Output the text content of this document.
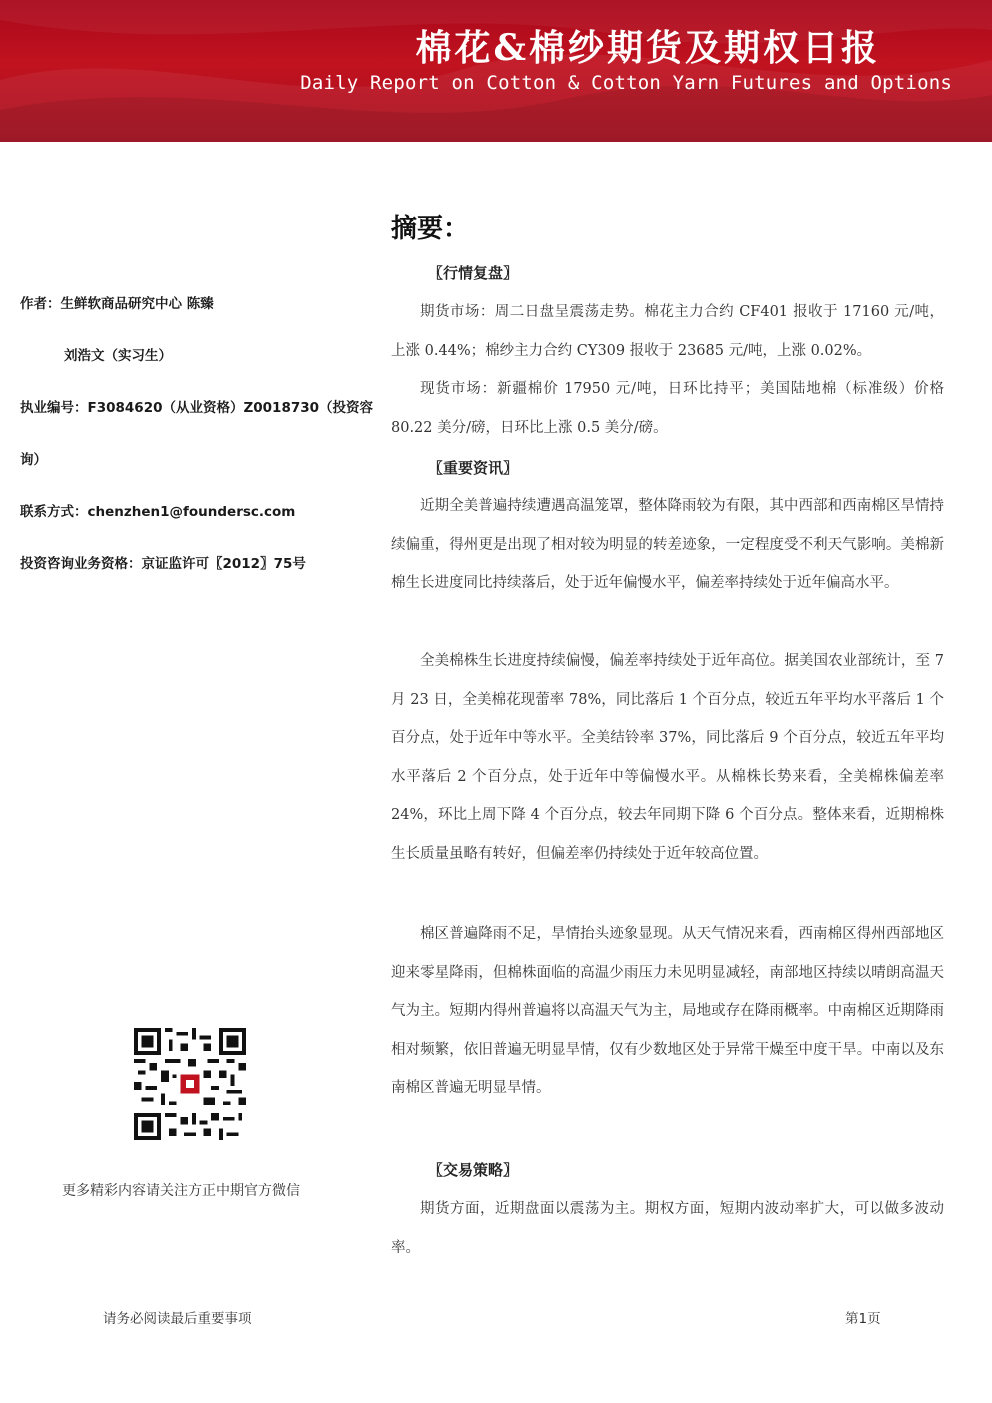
棉花&棉纱期货及期权日报
Daily Report on Cotton & Cotton Yarn Futures and Options
作者：生鲜软商品研究中心 陈臻
刘浩文（实习生）
执业编号：F3084620（从业资格）Z0018730（投资容
询）
联系方式：chenzhen1@foundersc.com
投资咨询业务资格：京证监许可〖2012〗75号
更多精彩内容请关注方正中期官方微信
摘要：
〖行情复盘〗
期货市场：周二日盘呈震荡走势。棉花主力合约 CF401 报收于 17160 元/吨，上涨 0.44%；棉纱主力合约 CY309 报收于 23685 元/吨，上涨 0.02%。
现货市场：新疆棉价 17950 元/吨，日环比持平；美国陆地棉（标准级）价格 80.22 美分/磅，日环比上涨 0.5 美分/磅。
〖重要资讯〗
近期全美普遍持续遭遇高温笼罩，整体降雨较为有限，其中西部和西南棉区旱情持续偏重，得州更是出现了相对较为明显的转差迹象，一定程度受不利天气影响。美棉新棉生长进度同比持续落后，处于近年偏慢水平，偏差率持续处于近年偏高水平。
全美棉株生长进度持续偏慢，偏差率持续处于近年高位。据美国农业部统计，至 7 月 23 日，全美棉花现蕾率 78%，同比落后 1 个百分点，较近五年平均水平落后 1 个百分点，处于近年中等水平。全美结铃率 37%，同比落后 9 个百分点，较近五年平均水平落后 2 个百分点，处于近年中等偏慢水平。从棉株长势来看，全美棉株偏差率 24%，环比上周下降 4 个百分点，较去年同期下降 6 个百分点。整体来看，近期棉株生长质量虽略有转好，但偏差率仍持续处于近年较高位置。
棉区普遍降雨不足，旱情抬头迹象显现。从天气情况来看，西南棉区得州西部地区迎来零星降雨，但棉株面临的高温少雨压力未见明显减轻，南部地区持续以晴朗高温天气为主。短期内得州普遍将以高温天气为主，局地或存在降雨概率。中南棉区近期降雨相对频繁，依旧普遍无明显旱情，仅有少数地区处于异常干燥至中度干旱。中南以及东南棉区普遍无明显旱情。
〖交易策略〗
期货方面，近期盘面以震荡为主。期权方面，短期内波动率扩大，可以做多波动率。
请务必阅读最后重要事项	第1页
